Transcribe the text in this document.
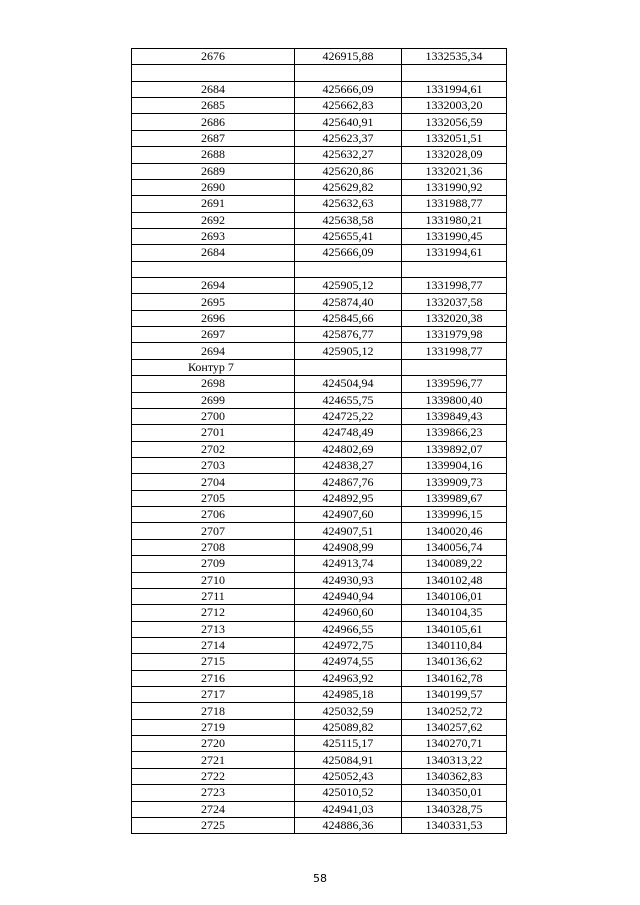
2676	426915,88	1332535,34

2684	425666,09	1331994,61
2685	425662,83	1332003,20
2686	425640,91	1332056,59
2687	425623,37	1332051,51
2688	425632,27	1332028,09
2689	425620,86	1332021,36
2690	425629,82	1331990,92
2691	425632,63	1331988,77
2692	425638,58	1331980,21
2693	425655,41	1331990,45
2684	425666,09	1331994,61

2694	425905,12	1331998,77
2695	425874,40	1332037,58
2696	425845,66	1332020,38
2697	425876,77	1331979,98
2694	425905,12	1331998,77
Контур 7		
2698	424504,94	1339596,77
2699	424655,75	1339800,40
2700	424725,22	1339849,43
2701	424748,49	1339866,23
2702	424802,69	1339892,07
2703	424838,27	1339904,16
2704	424867,76	1339909,73
2705	424892,95	1339989,67
2706	424907,60	1339996,15
2707	424907,51	1340020,46
2708	424908,99	1340056,74
2709	424913,74	1340089,22
2710	424930,93	1340102,48
2711	424940,94	1340106,01
2712	424960,60	1340104,35
2713	424966,55	1340105,61
2714	424972,75	1340110,84
2715	424974,55	1340136,62
2716	424963,92	1340162,78
2717	424985,18	1340199,57
2718	425032,59	1340252,72
2719	425089,82	1340257,62
2720	425115,17	1340270,71
2721	425084,91	1340313,22
2722	425052,43	1340362,83
2723	425010,52	1340350,01
2724	424941,03	1340328,75
2725	424886,36	1340331,53
58
